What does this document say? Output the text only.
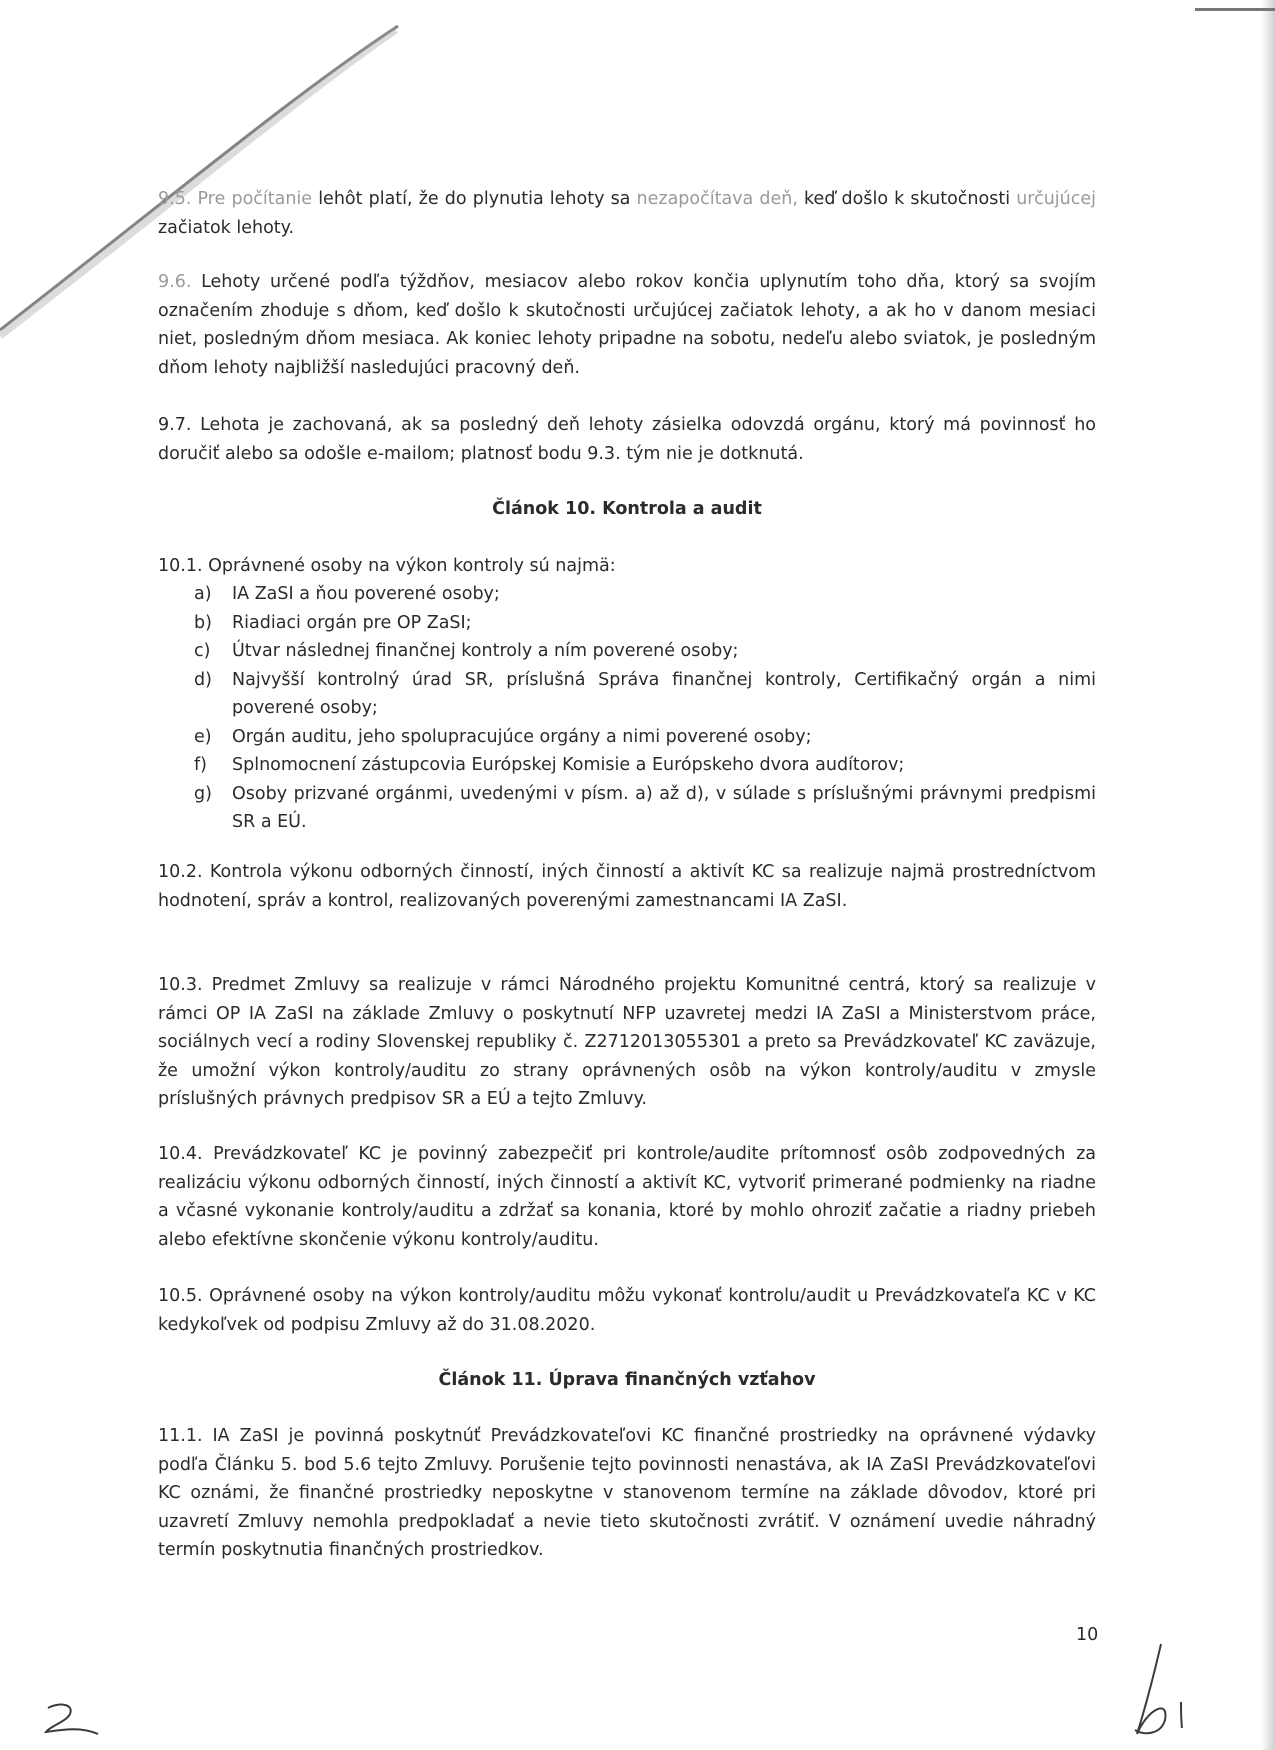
9.5. Pre počítanie lehôt platí, že do plynutia lehoty sa nezapočítava deň, keď došlo k skutočnosti určujúcej začiatok lehoty.

9.6. Lehoty určené podľa týždňov, mesiacov alebo rokov končia uplynutím toho dňa, ktorý sa svojím označením zhoduje s dňom, keď došlo k skutočnosti určujúcej začiatok lehoty, a ak ho v danom mesiaci niet, posledným dňom mesiaca. Ak koniec lehoty pripadne na sobotu, nedeľu alebo sviatok, je posledným dňom lehoty najbližší nasledujúci pracovný deň.

9.7. Lehota je zachovaná, ak sa posledný deň lehoty zásielka odovzdá orgánu, ktorý má povinnosť ho doručiť alebo sa odošle e-mailom; platnosť bodu 9.3. tým nie je dotknutá.

Článok 10. Kontrola a audit

10.1. Oprávnené osoby na výkon kontroly sú najmä:

a) IA ZaSI a ňou poverené osoby;
b) Riadiaci orgán pre OP ZaSI;
c) Útvar následnej finančnej kontroly a ním poverené osoby;
d) Najvyšší kontrolný úrad SR, príslušná Správa finančnej kontroly, Certifikačný orgán a nimi poverené osoby;
e) Orgán auditu, jeho spolupracujúce orgány a nimi poverené osoby;
f) Splnomocnení zástupcovia Európskej Komisie a Európskeho dvora audítorov;
g) Osoby prizvané orgánmi, uvedenými v písm. a) až d), v súlade s príslušnými právnymi predpismi SR a EÚ.

10.2. Kontrola výkonu odborných činností, iných činností a aktivít KC sa realizuje najmä prostredníctvom hodnotení, správ a kontrol, realizovaných poverenými zamestnancami IA ZaSI.

10.3. Predmet Zmluvy sa realizuje v rámci Národného projektu Komunitné centrá, ktorý sa realizuje v rámci OP IA ZaSI na základe Zmluvy o poskytnutí NFP uzavretej medzi IA ZaSI a Ministerstvom práce, sociálnych vecí a rodiny Slovenskej republiky č. Z2712013055301 a preto sa Prevádzkovateľ KC zaväzuje, že umožní výkon kontroly/auditu zo strany oprávnených osôb na výkon kontroly/auditu v zmysle príslušných právnych predpisov SR a EÚ a tejto Zmluvy.

10.4. Prevádzkovateľ KC je povinný zabezpečiť pri kontrole/audite prítomnosť osôb zodpovedných za realizáciu výkonu odborných činností, iných činností a aktivít KC, vytvoriť primerané podmienky na riadne a včasné vykonanie kontroly/auditu a zdržať sa konania, ktoré by mohlo ohroziť začatie a riadny priebeh alebo efektívne skončenie výkonu kontroly/auditu.

10.5. Oprávnené osoby na výkon kontroly/auditu môžu vykonať kontrolu/audit u Prevádzkovateľa KC v KC kedykoľvek od podpisu Zmluvy až do 31.08.2020.

Článok 11. Úprava finančných vzťahov

11.1. IA ZaSI je povinná poskytnúť Prevádzkovateľovi KC finančné prostriedky na oprávnené výdavky podľa Článku 5. bod 5.6 tejto Zmluvy. Porušenie tejto povinnosti nenastáva, ak IA ZaSI Prevádzkovateľovi KC oznámi, že finančné prostriedky neposkytne v stanovenom termíne na základe dôvodov, ktoré pri uzavretí Zmluvy nemohla predpokladať a nevie tieto skutočnosti zvrátiť. V oznámení uvedie náhradný termín poskytnutia finančných prostriedkov.

10
